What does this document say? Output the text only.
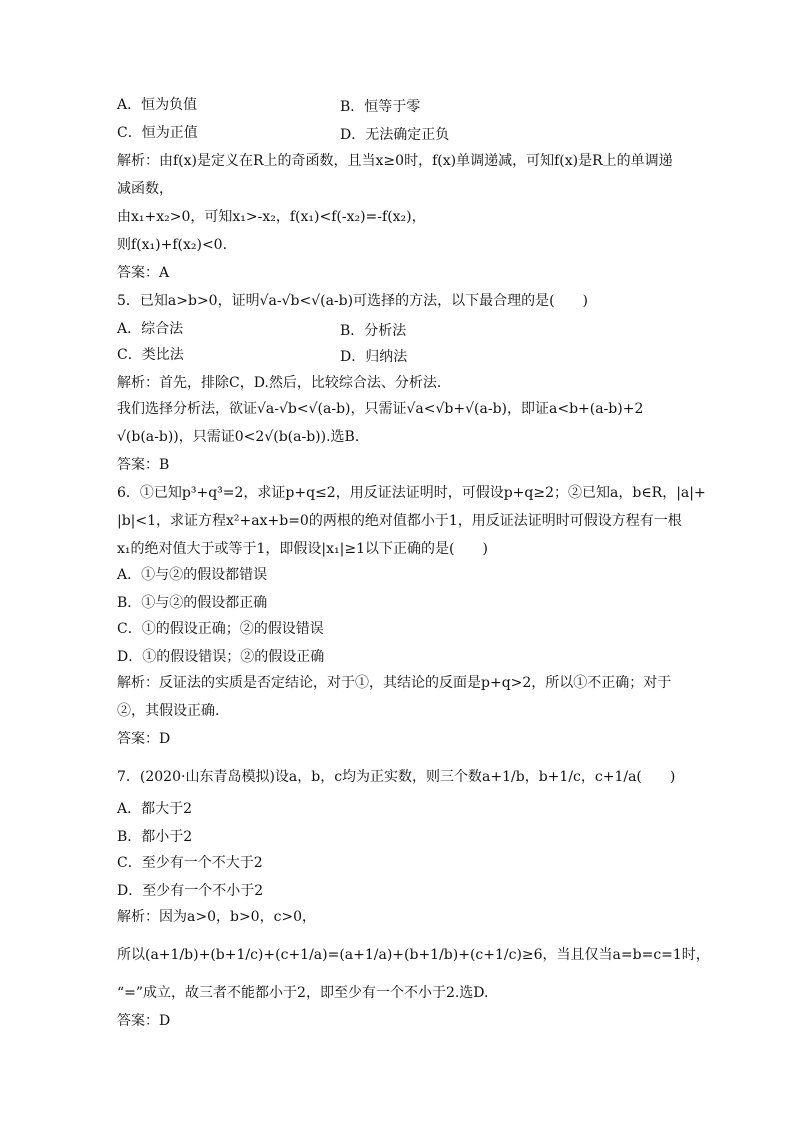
A．恒为负值	B．恒等于零
C．恒为正值	D．无法确定正负
解析：由f(x)是定义在R上的奇函数，且当x≥0时，f(x)单调递减，可知f(x)是R上的单调递
减函数，
由x₁+x₂>0，可知x₁>-x₂，f(x₁)<f(-x₂)=-f(x₂)，
则f(x₁)+f(x₂)<0.
答案：A
5．已知a>b>0，证明√a-√b<√(a-b)可选择的方法，以下最合理的是(　　)
A．综合法	B．分析法
C．类比法	D．归纳法
解析：首先，排除C，D.然后，比较综合法、分析法.
我们选择分析法，欲证√a-√b<√(a-b)，只需证√a<√b+√(a-b)，即证a<b+(a-b)+2
√(b(a-b))，只需证0<2√(b(a-b)).选B.
答案：B
6．①已知p³+q³=2，求证p+q≤2，用反证法证明时，可假设p+q≥2；②已知a，b∈R，|a|+
|b|<1，求证方程x²+ax+b=0的两根的绝对值都小于1，用反证法证明时可假设方程有一根
x₁的绝对值大于或等于1，即假设|x₁|≥1以下正确的是(　　)
A．①与②的假设都错误
B．①与②的假设都正确
C．①的假设正确；②的假设错误
D．①的假设错误；②的假设正确
解析：反证法的实质是否定结论，对于①，其结论的反面是p+q>2，所以①不正确；对于
②，其假设正确.
答案：D
7．(2020·山东青岛模拟)设a，b，c均为正实数，则三个数a+1/b，b+1/c，c+1/a(　　)
A．都大于2
B．都小于2
C．至少有一个不大于2
D．至少有一个不小于2
解析：因为a>0，b>0，c>0，
所以(a+1/b)+(b+1/c)+(c+1/a)=(a+1/a)+(b+1/b)+(c+1/c)≥6，当且仅当a=b=c=1时，
“=”成立，故三者不能都小于2，即至少有一个不小于2.选D.
答案：D
